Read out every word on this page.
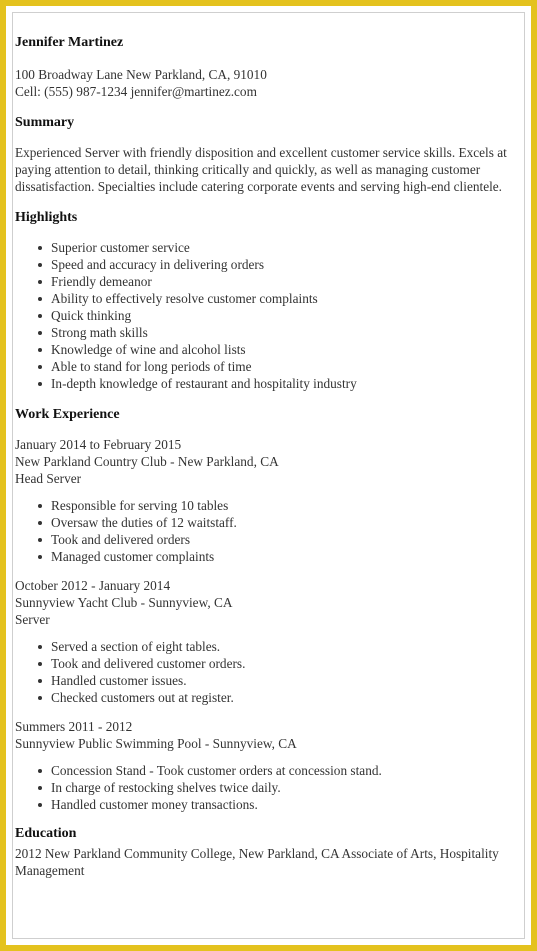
Jennifer Martinez

100 Broadway Lane New Parkland, CA, 91010

Cell: (555) 987-1234 jennifer@martinez.com

Summary

Experienced Server with friendly disposition and excellent customer service skills. Excels at paying attention to detail, thinking critically and quickly, as well as managing customer dissatisfaction. Specialties include catering corporate events and serving high-end clientele.

Highlights
Superior customer service
Speed and accuracy in delivering orders
Friendly demeanor
Ability to effectively resolve customer complaints
Quick thinking
Strong math skills
Knowledge of wine and alcohol lists
Able to stand for long periods of time
In-depth knowledge of restaurant and hospitality industry
Work Experience

January 2014 to February 2015

New Parkland Country Club - New Parkland, CA

Head Server

Responsible for serving 10 tables
Oversaw the duties of 12 waitstaff.
Took and delivered orders
Managed customer complaints

October 2012 - January 2014

Sunnyview Yacht Club - Sunnyview, CA

Server

Served a section of eight tables.
Took and delivered customer orders.
Handled customer issues.
Checked customers out at register.

Summers 2011 - 2012

Sunnyview Public Swimming Pool - Sunnyview, CA

Concession Stand - Took customer orders at concession stand.
In charge of restocking shelves twice daily.
Handled customer money transactions.
Education

2012 New Parkland Community College, New Parkland, CA Associate of Arts, Hospitality Management
